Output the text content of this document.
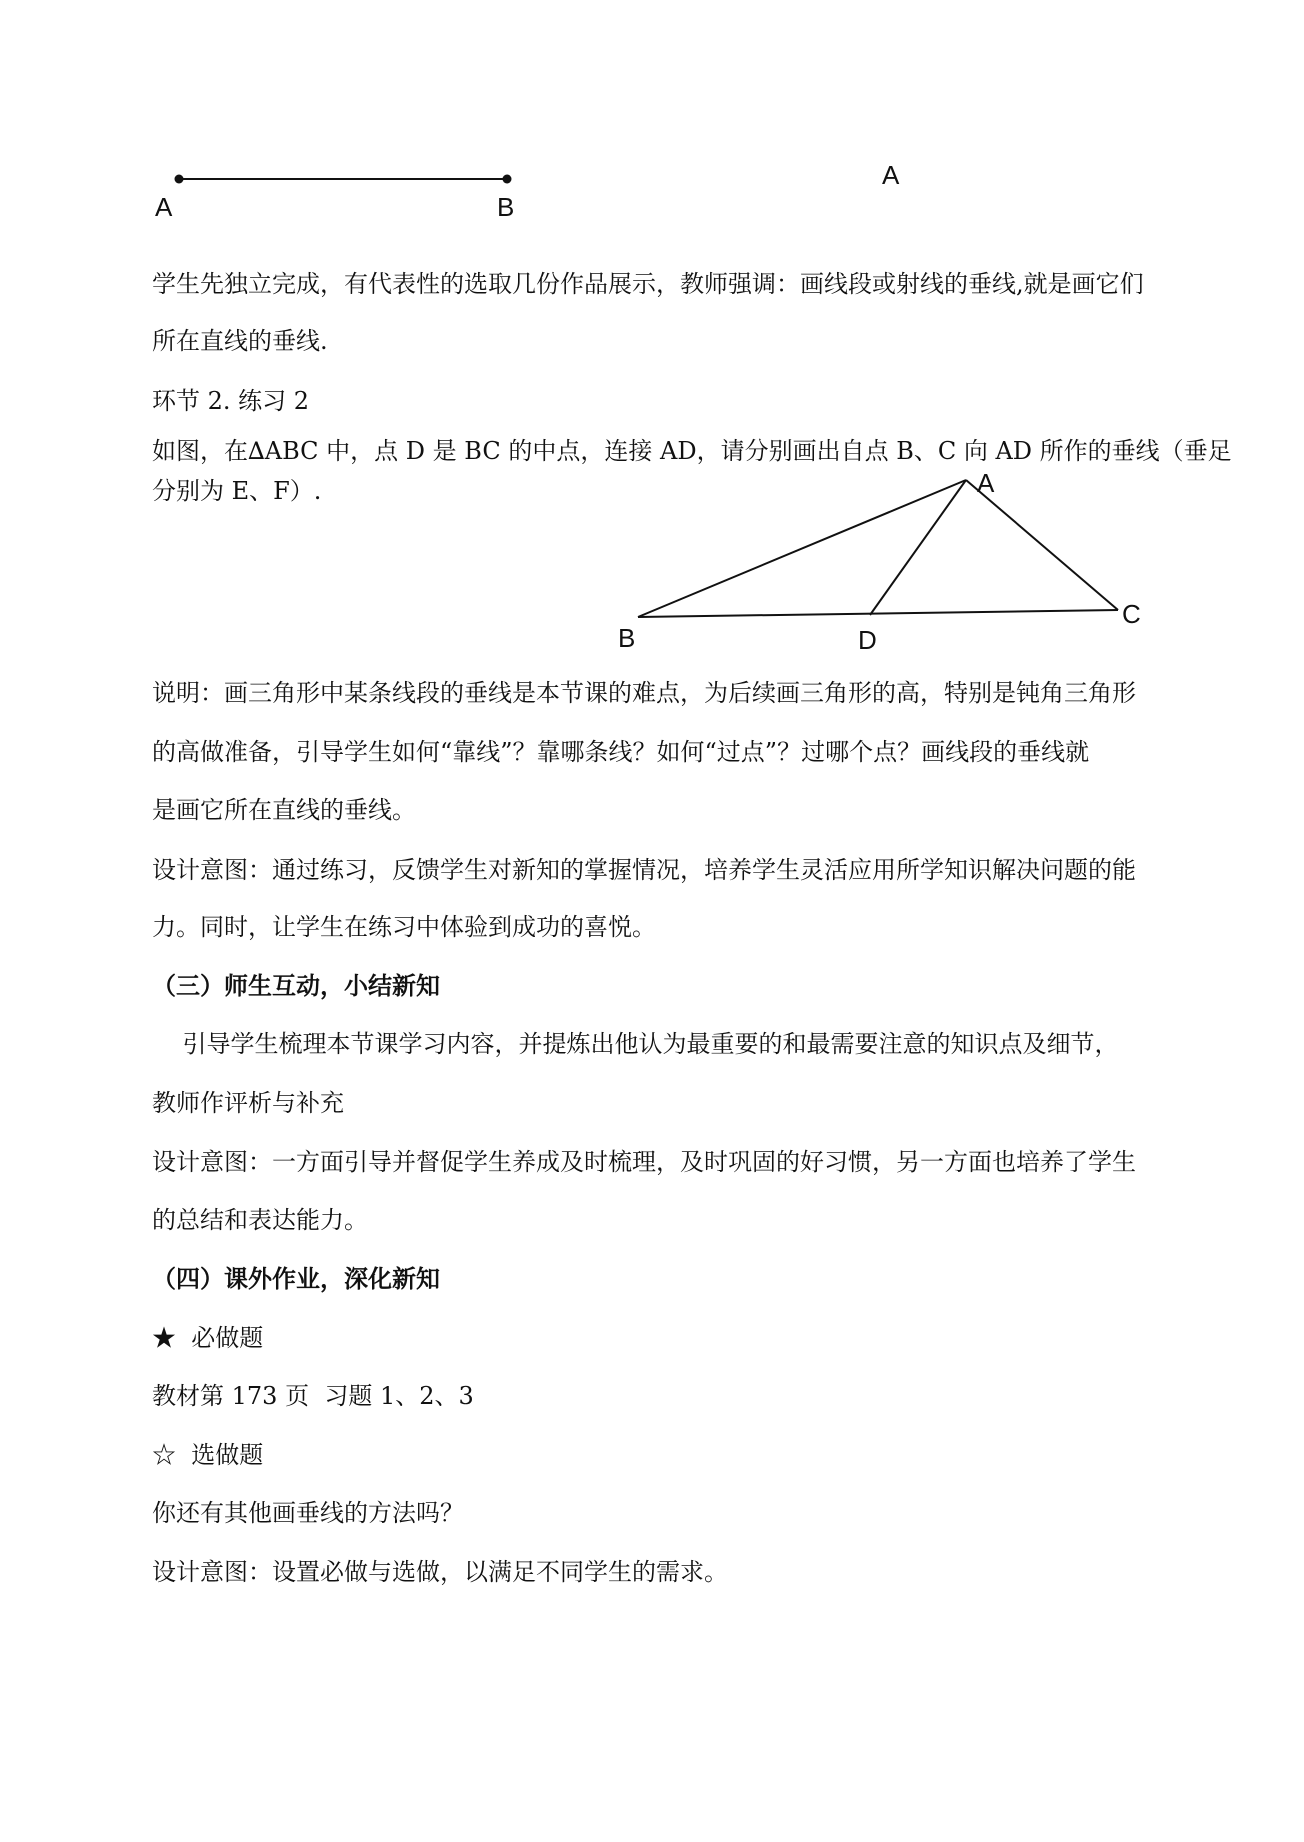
A	B
A
学生先独立完成，有代表性的选取几份作品展示，教师强调：画线段或射线的垂线,就是画它们
所在直线的垂线.
环节 2. 练习 2
如图，在∆ABC 中，点 D 是 BC 的中点，连接 AD，请分别画出自点 B、C 向 AD 所作的垂线（垂足
分别为 E、F）.	A
B
C
D
说明：画三角形中某条线段的垂线是本节课的难点，为后续画三角形的高，特别是钝角三角形
的高做准备，引导学生如何“靠线”？靠哪条线？如何“过点”？过哪个点？画线段的垂线就
是画它所在直线的垂线。
设计意图：通过练习，反馈学生对新知的掌握情况，培养学生灵活应用所学知识解决问题的能
力。同时，让学生在练习中体验到成功的喜悦。
（三）师生互动，小结新知
引导学生梳理本节课学习内容，并提炼出他认为最重要的和最需要注意的知识点及细节，
教师作评析与补充
设计意图：一方面引导并督促学生养成及时梳理，及时巩固的好习惯，另一方面也培养了学生
的总结和表达能力。
（四）课外作业，深化新知
★  必做题
教材第 173 页  习题 1、2、3
☆  选做题
你还有其他画垂线的方法吗？
设计意图：设置必做与选做，以满足不同学生的需求。
